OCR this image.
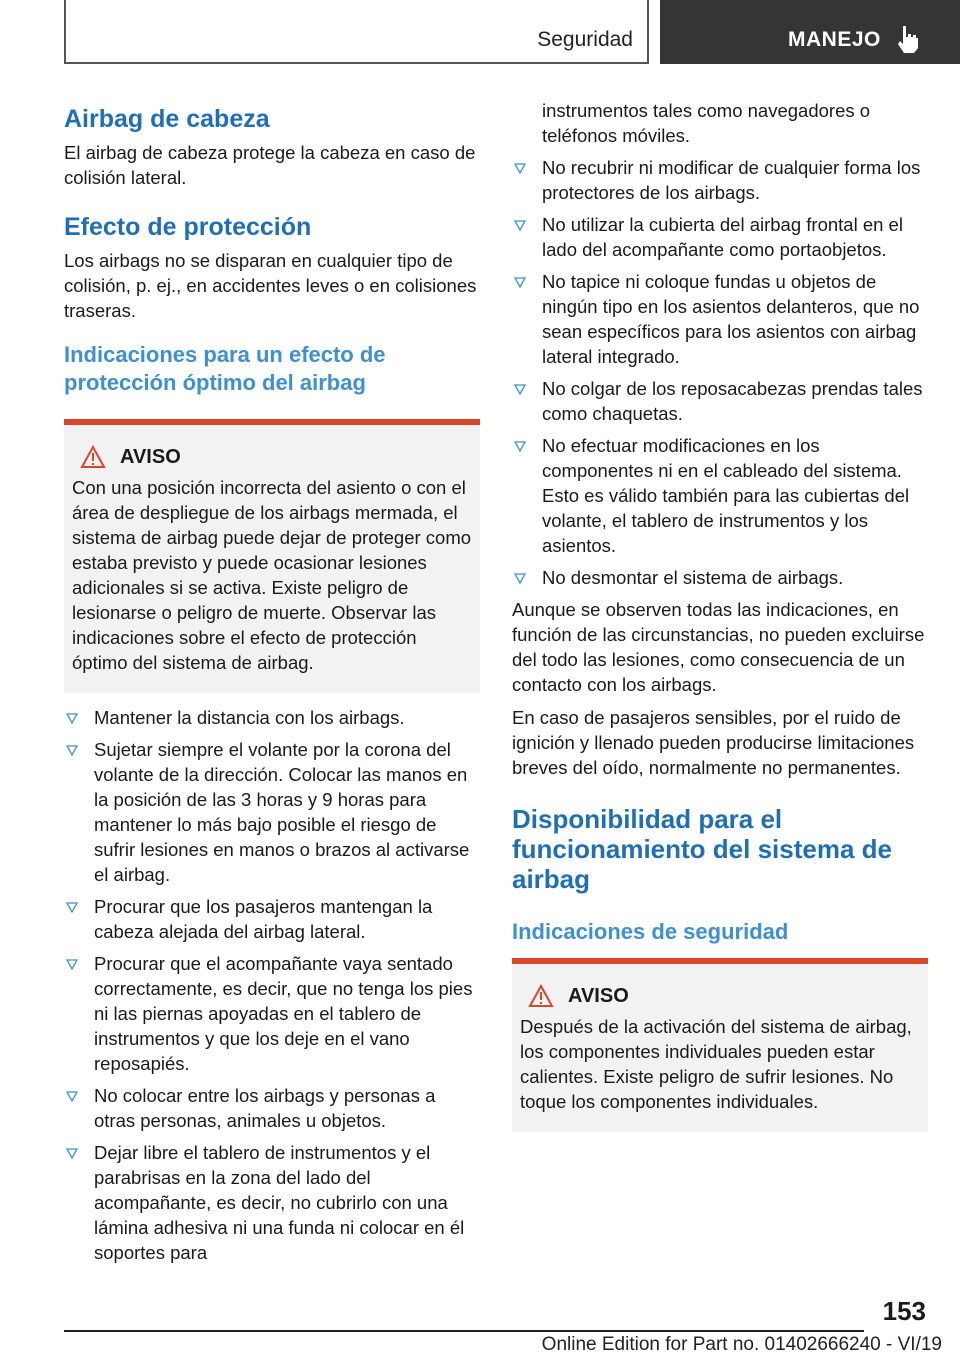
Seguridad	MANEJO
Airbag de cabeza

El airbag de cabeza protege la cabeza en caso de colisión lateral.

Efecto de protección

Los airbags no se disparan en cualquier tipo de colisión, p. ej., en accidentes leves o en colisiones traseras.

Indicaciones para un efecto de protección óptimo del airbag
AVISO

Con una posición incorrecta del asiento o con el área de despliegue de los airbags mermada, el sistema de airbag puede dejar de proteger como estaba previsto y puede ocasionar lesiones adicionales si se activa. Existe peligro de lesionarse o peligro de muerte. Observar las indicaciones sobre el efecto de protección óptimo del sistema de airbag.

Mantener la distancia con los airbags.
Sujetar siempre el volante por la corona del volante de la dirección. Colocar las manos en la posición de las 3 horas y 9 horas para mantener lo más bajo posible el riesgo de sufrir lesiones en manos o brazos al activarse el airbag.
Procurar que los pasajeros mantengan la cabeza alejada del airbag lateral.
Procurar que el acompañante vaya sentado correctamente, es decir, que no tenga los pies ni las piernas apoyadas en el tablero de instrumentos y que los deje en el vano reposapiés.
No colocar entre los airbags y personas a otras personas, animales u objetos.
Dejar libre el tablero de instrumentos y el parabrisas en la zona del lado del acompañante, es decir, no cubrirlo con una lámina adhesiva ni una funda ni colocar en él soportes para

instrumentos tales como navegadores o teléfonos móviles.

No recubrir ni modificar de cualquier forma los protectores de los airbags.
No utilizar la cubierta del airbag frontal en el lado del acompañante como portaobjetos.
No tapice ni coloque fundas u objetos de ningún tipo en los asientos delanteros, que no sean específicos para los asientos con airbag lateral integrado.
No colgar de los reposacabezas prendas tales como chaquetas.
No efectuar modificaciones en los componentes ni en el cableado del sistema. Esto es válido también para las cubiertas del volante, el tablero de instrumentos y los asientos.
No desmontar el sistema de airbags.

Aunque se observen todas las indicaciones, en función de las circunstancias, no pueden excluirse del todo las lesiones, como consecuencia de un contacto con los airbags.

En caso de pasajeros sensibles, por el ruido de ignición y llenado pueden producirse limitaciones breves del oído, normalmente no permanentes.

Disponibilidad para el funcionamiento del sistema de airbag
Indicaciones de seguridad
AVISO

Después de la activación del sistema de airbag, los componentes individuales pueden estar calientes. Existe peligro de sufrir lesiones. No toque los componentes individuales.

153
Online Edition for Part no. 01402666240 - VI/19
